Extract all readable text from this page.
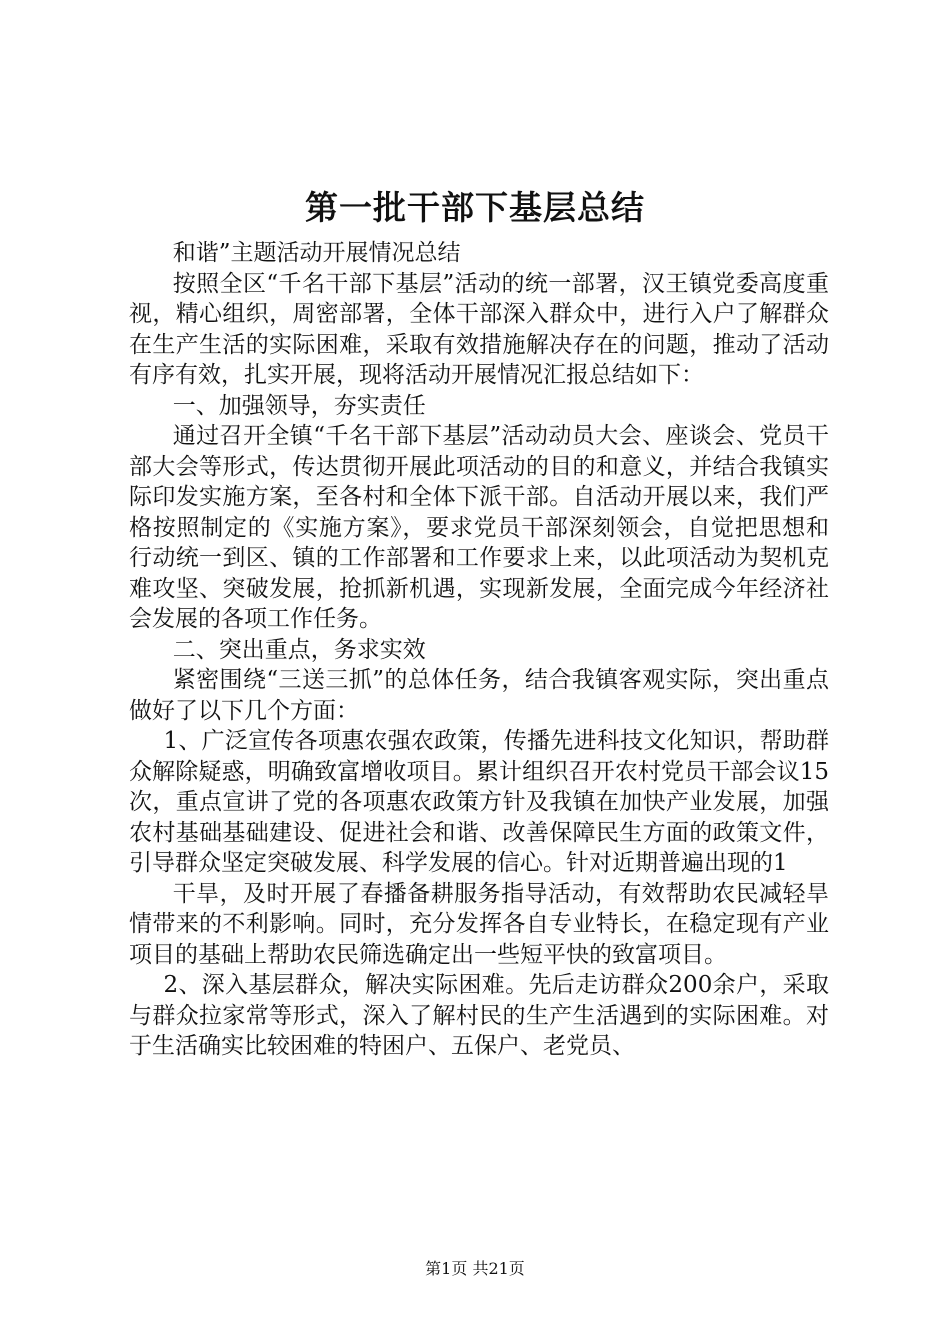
第一批干部下基层总结

和谐”主题活动开展情况总结

按照全区“千名干部下基层”活动的统一部署，汉王镇党委高度重视，精心组织，周密部署，全体干部深入群众中，进行入户了解群众在生产生活的实际困难，采取有效措施解决存在的问题，推动了活动有序有效，扎实开展，现将活动开展情况汇报总结如下：

一、加强领导，夯实责任

通过召开全镇“千名干部下基层”活动动员大会、座谈会、党员干部大会等形式，传达贯彻开展此项活动的目的和意义，并结合我镇实际印发实施方案，至各村和全体下派干部。自活动开展以来，我们严格按照制定的《实施方案》，要求党员干部深刻领会，自觉把思想和行动统一到区、镇的工作部署和工作要求上来，以此项活动为契机克难攻坚、突破发展，抢抓新机遇，实现新发展，全面完成今年经济社会发展的各项工作任务。

二、突出重点，务求实效

紧密围绕“三送三抓”的总体任务，结合我镇客观实际，突出重点做好了以下几个方面：

1、广泛宣传各项惠农强农政策，传播先进科技文化知识，帮助群众解除疑惑，明确致富增收项目。累计组织召开农村党员干部会议15次，重点宣讲了党的各项惠农政策方针及我镇在加快产业发展，加强农村基础基础建设、促进社会和谐、改善保障民生方面的政策文件，引导群众坚定突破发展、科学发展的信心。针对近期普遍出现的1

干旱，及时开展了春播备耕服务指导活动，有效帮助农民减轻旱情带来的不利影响。同时，充分发挥各自专业特长，在稳定现有产业项目的基础上帮助农民筛选确定出一些短平快的致富项目。

2、深入基层群众，解决实际困难。先后走访群众200余户，采取与群众拉家常等形式，深入了解村民的生产生活遇到的实际困难。对于生活确实比较困难的特困户、五保户、老党员、

第1页 共21页
